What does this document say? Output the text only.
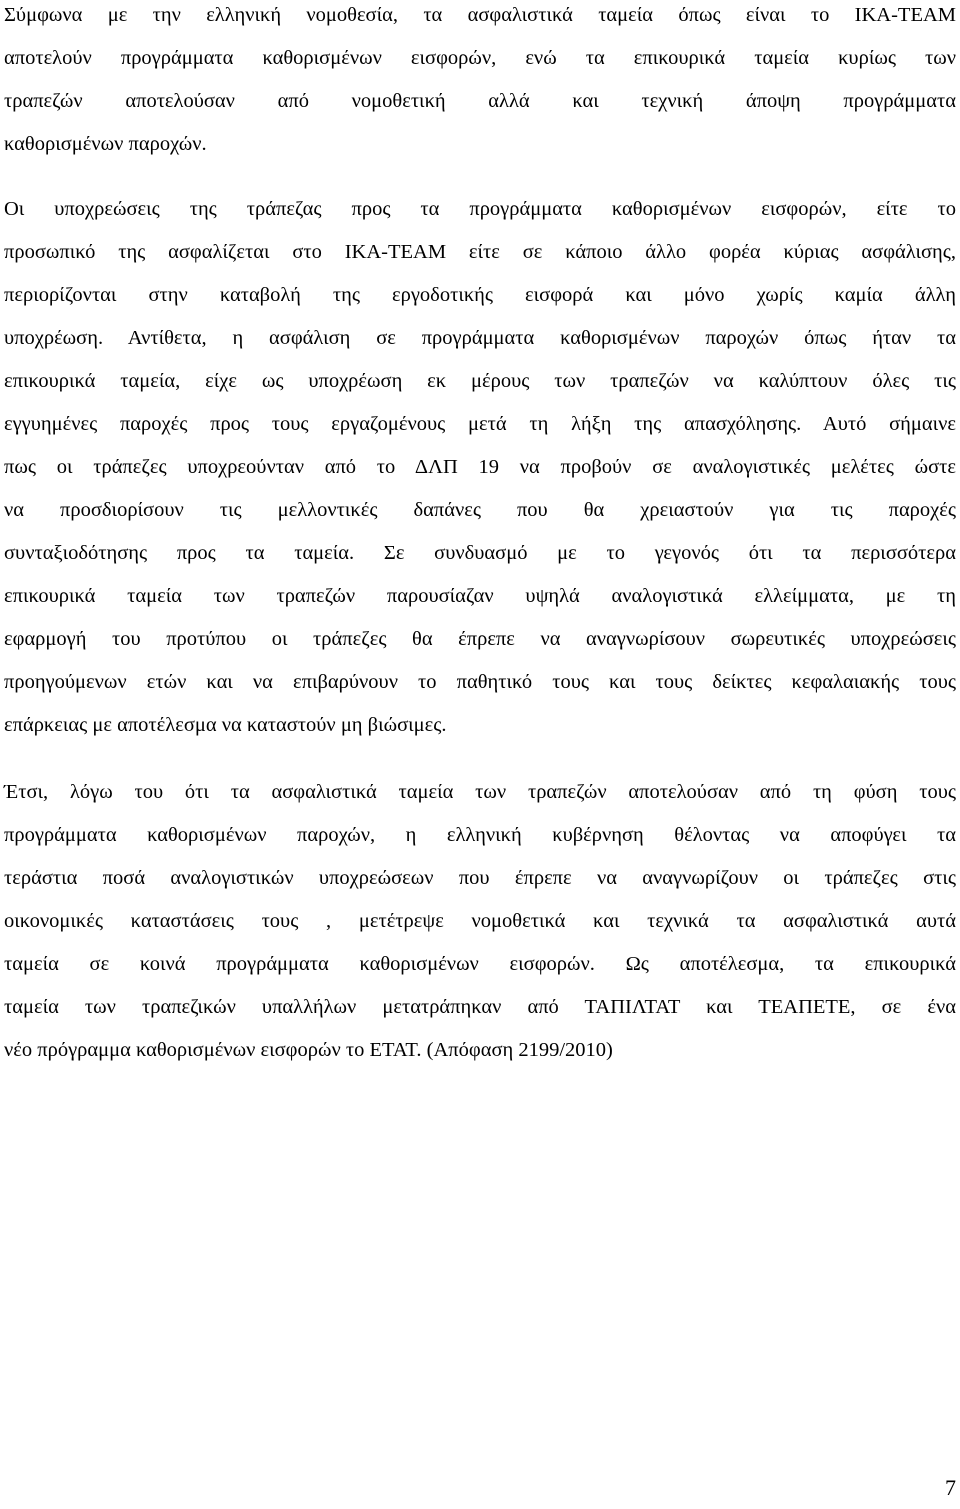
Σύμφωνα με την ελληνική νομοθεσία, τα ασφαλιστικά ταμεία όπως είναι το ΙΚΑ-ΤΕΑΜ
αποτελούν προγράμματα καθορισμένων εισφορών, ενώ τα επικουρικά ταμεία κυρίως των
τραπεζών αποτελούσαν από νομοθετική αλλά και τεχνική άποψη προγράμματα
καθορισμένων παροχών.
Οι υποχρεώσεις της τράπεζας προς τα προγράμματα καθορισμένων εισφορών, είτε το
προσωπικό της ασφαλίζεται στο ΙΚΑ-ΤΕΑΜ είτε σε κάποιο άλλο φορέα κύριας ασφάλισης,
περιορίζονται στην καταβολή της εργοδοτικής εισφορά και μόνο χωρίς καμία άλλη
υποχρέωση. Αντίθετα, η ασφάλιση σε προγράμματα καθορισμένων παροχών όπως ήταν τα
επικουρικά ταμεία, είχε ως υποχρέωση εκ μέρους των τραπεζών να καλύπτουν όλες τις
εγγυημένες παροχές προς τους εργαζομένους μετά τη λήξη της απασχόλησης. Αυτό σήμαινε
πως οι τράπεζες υποχρεούνταν από το ΔΛΠ 19 να προβούν σε αναλογιστικές μελέτες ώστε
να προσδιορίσουν τις μελλοντικές δαπάνες που θα χρειαστούν για τις παροχές
συνταξιοδότησης προς τα ταμεία. Σε συνδυασμό με το γεγονός ότι τα περισσότερα
επικουρικά ταμεία των τραπεζών παρουσίαζαν υψηλά αναλογιστικά ελλείμματα, με τη
εφαρμογή του προτύπου οι τράπεζες θα έπρεπε να αναγνωρίσουν σωρευτικές υποχρεώσεις
προηγούμενων ετών και να επιβαρύνουν το παθητικό τους και τους δείκτες κεφαλαιακής τους
επάρκειας με αποτέλεσμα να καταστούν μη βιώσιμες.
Έτσι, λόγω του ότι τα ασφαλιστικά ταμεία των τραπεζών αποτελούσαν από τη φύση τους
προγράμματα καθορισμένων παροχών, η ελληνική κυβέρνηση θέλοντας να αποφύγει τα
τεράστια ποσά αναλογιστικών υποχρεώσεων που έπρεπε να αναγνωρίζουν οι τράπεζες στις
οικονομικές καταστάσεις τους , μετέτρεψε νομοθετικά και τεχνικά τα ασφαλιστικά αυτά
ταμεία σε κοινά προγράμματα καθορισμένων εισφορών. Ως αποτέλεσμα, τα επικουρικά
ταμεία των τραπεζικών υπαλλήλων μετατράπηκαν από ΤΑΠΙΛΤΑΤ και ΤΕΑΠΕΤΕ, σε ένα
νέο πρόγραμμα καθορισμένων εισφορών το ΕΤΑΤ. (Απόφαση 2199/2010)
7
